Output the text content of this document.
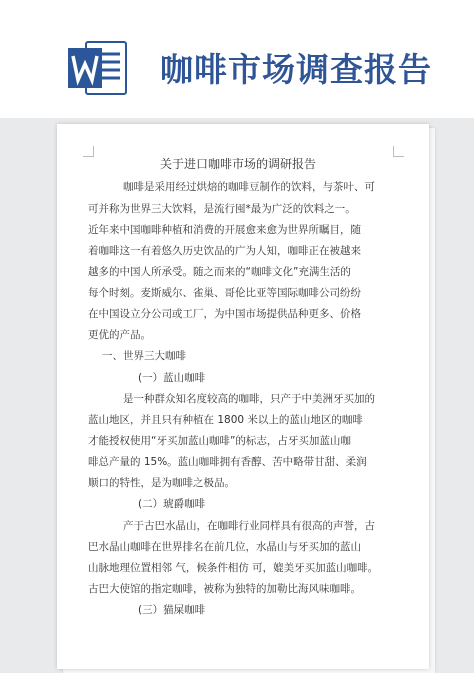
咖啡市场调查报告
关于进口咖啡市场的调研报告
咖啡是采用经过烘焙的咖啡豆制作的饮料，与茶叶、可
可并称为世界三大饮料，是流行囤*最为广泛的饮料之一。
近年来中国咖啡种植和消费的开展愈来愈为世界所瞩目，随
着咖啡这一有着悠久历史饮品的广为人知，咖啡正在被越来
越多的中国人所承受。随之而来的“咖啡文化”充满生活的
每个时刻。麦斯威尔、雀巢、哥伦比亚等国际咖啡公司纷纷
在中国设立分公司或工厂，为中国市场提供品种更多、价格
更优的产品。
一、世界三大咖啡
(一）蓝山咖啡
是一种群众知名度较高的咖啡，只产于中美洲牙买加的
蓝山地区，并且只有种植在 1800 米以上的蓝山地区的咖啡
才能授权使用“牙买加蓝山咖啡”的标志，占牙买加蓝山咖
啡总产量的 15%。蓝山咖啡拥有香醇、苦中略带甘甜、柔润
顺口的特性，是为咖啡之极品。
(二）琥爵咖啡
产于古巴水晶山，在咖啡行业同样具有很高的声誉，古
巴水晶山咖啡在世界排名在前几位，水晶山与牙买加的蓝山
山脉地理位置相邻 气，候条件相仿 可，媲美牙买加蓝山咖啡。
古巴大使馆的指定咖啡，被称为独特的加勒比海风味咖啡。
(三）猫屎咖啡
